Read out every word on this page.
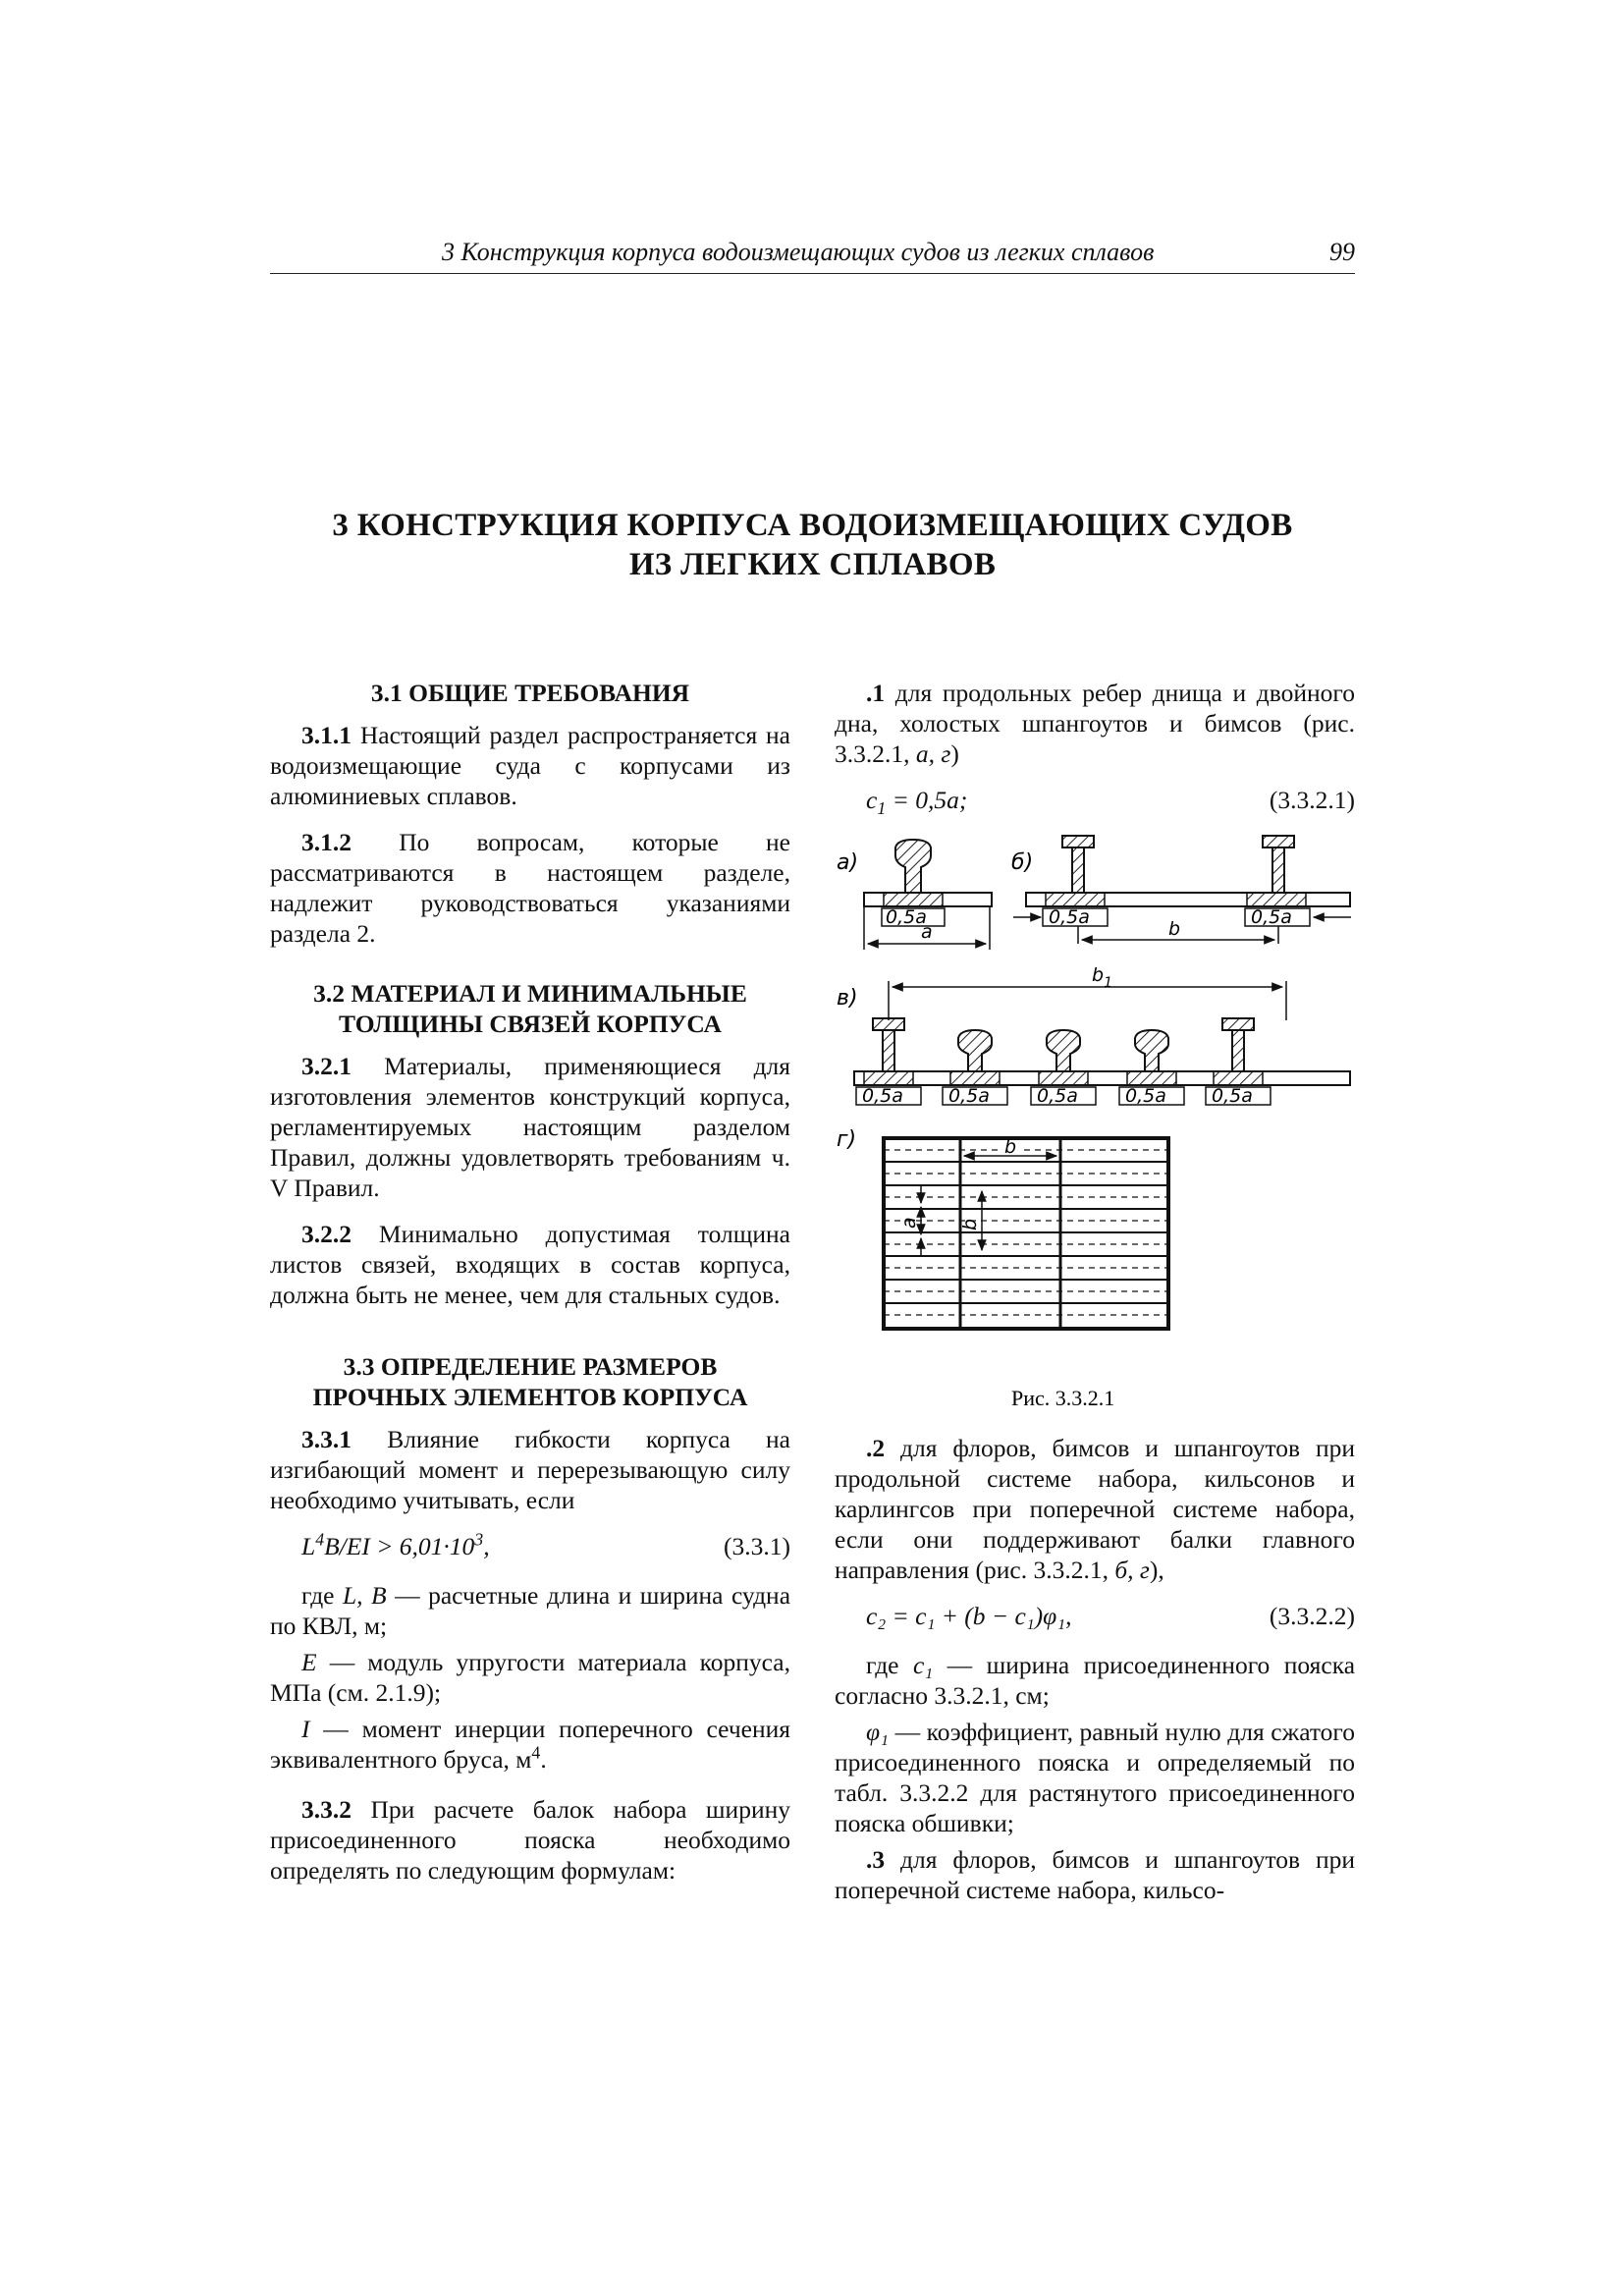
3 Конструкция корпуса водоизмещающих судов из легких сплавов	99
3 КОНСТРУКЦИЯ КОРПУСА ВОДОИЗМЕЩАЮЩИХ СУДОВ
ИЗ ЛЕГКИХ СПЛАВОВ
3.1 ОБЩИЕ ТРЕБОВАНИЯ

3.1.1 Настоящий раздел распространяется на водоизмещающие суда с корпусами из алюминиевых сплавов.

3.1.2 По вопросам, которые не рассматриваются в настоящем разделе, надлежит руководствоваться указаниями раздела 2.

3.2 МАТЕРИАЛ И МИНИМАЛЬНЫЕ
ТОЛЩИНЫ СВЯЗЕЙ КОРПУСА

3.2.1 Материалы, применяющиеся для изготовления элементов конструкций корпуса, регламентируемых настоящим разделом Правил, должны удовлетворять требованиям ч. V Правил.

3.2.2 Минимально допустимая толщина листов связей, входящих в состав корпуса, должна быть не менее, чем для стальных судов.

3.3 ОПРЕДЕЛЕНИЕ РАЗМЕРОВ
ПРОЧНЫХ ЭЛЕМЕНТОВ КОРПУСА

3.3.1 Влияние гибкости корпуса на изгибающий момент и перерезывающую силу необходимо учитывать, если

$L^4B/EI > 6,01\cdot 10^3$,	(3.3.1)

где L, B — расчетные длина и ширина судна по КВЛ, м;

E — модуль упругости материала корпуса, МПа (см. 2.1.9);

I — момент инерции поперечного сечения эквивалентного бруса, $м^4$.

3.3.2 При расчете балок набора ширину присоединенного пояска необходимо определять по следующим формулам:

.1 для продольных ребер днища и двойного дна, холостых шпангоутов и бимсов (рис. 3.3.2.1, а, г)

$c_1 = 0,5a$;	(3.3.2.1)
а)
0,5a
a
б)
0,5a	0,5a
b
в)
$b_1$
0,5a 0,5a	0,5a	0,5a 0,5a
г)	b
a b
Рис. 3.3.2.1

.2 для флоров, бимсов и шпангоутов при продольной системе набора, кильсонов и карлингсов при поперечной системе набора, если они поддерживают балки главного направления (рис. 3.3.2.1, б, г),

c₂ = c₁ + (b − c₁)φ₁,	(3.3.2.2)

где c₁ — ширина присоединенного пояска согласно 3.3.2.1, см;

φ₁ — коэффициент, равный нулю для сжатого присоединенного пояска и определяемый по табл. 3.3.2.2 для растянутого присоединенного пояска обшивки;

.3 для флоров, бимсов и шпангоутов при поперечной системе набора, кильсо-
